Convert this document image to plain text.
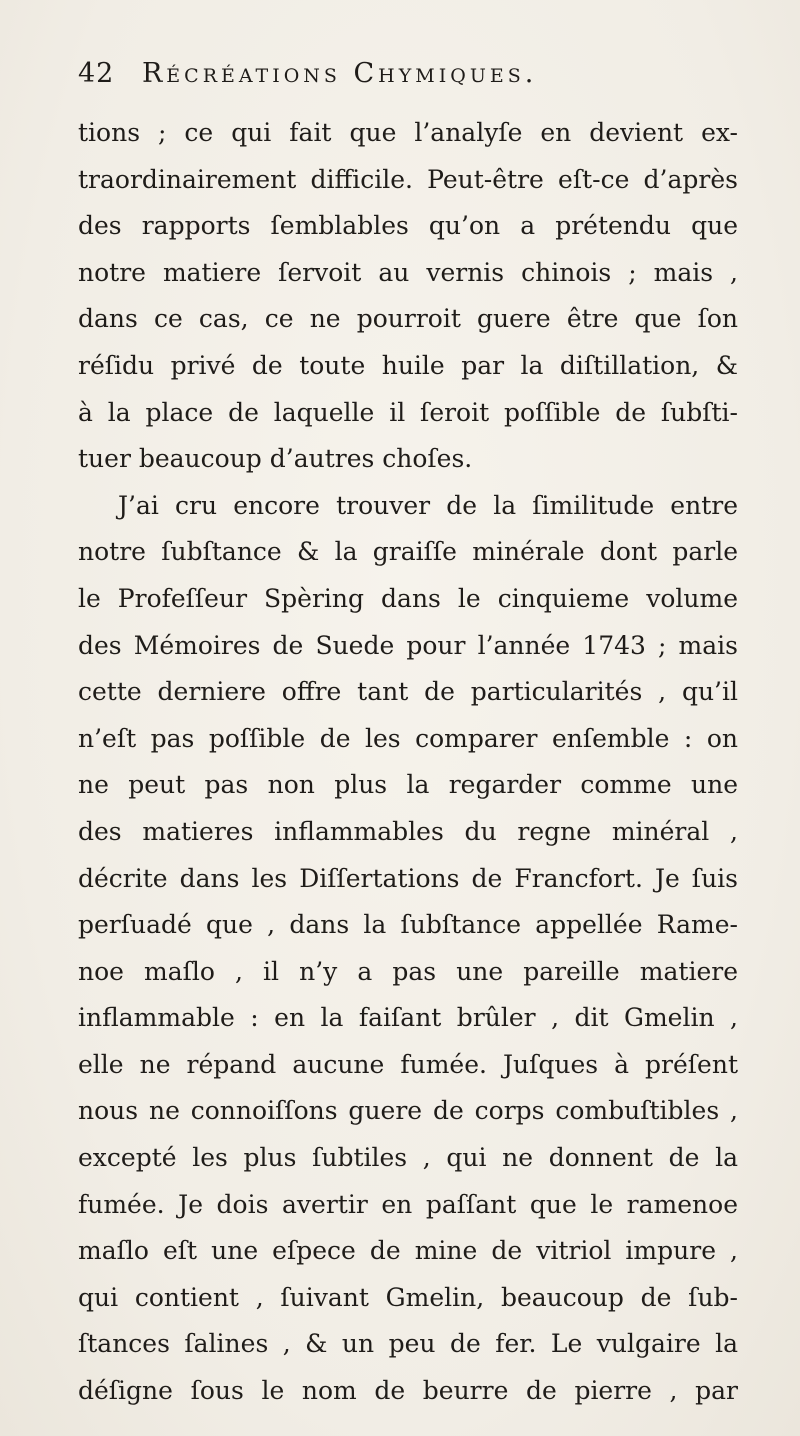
42 Récréations Chymiques.
tions ; ce qui fait que l’analyſe en devient ex-
traordinairement difficile. Peut-être eſt-ce d’après
des rapports ſemblables qu’on a prétendu que
notre matiere ſervoit au vernis chinois ; mais ,
dans ce cas, ce ne pourroit guere être que ſon
réſidu privé de toute huile par la diſtillation, &
à la place de laquelle il ſeroit poſſible de ſubſti-
tuer beaucoup d’autres choſes.
J’ai cru encore trouver de la ſimilitude entre
notre ſubſtance & la graiſſe minérale dont parle
le Profeſſeur Spèring dans le cinquieme volume
des Mémoires de Suede pour l’année 1743 ; mais
cette derniere offre tant de particularités , qu’il
n’eſt pas poſſible de les comparer enſemble : on
ne peut pas non plus la regarder comme une
des matieres inflammables du regne minéral ,
décrite dans les Diſſertations de Francfort. Je ſuis
perſuadé que , dans la ſubſtance appellée Rame-
noe maſlo , il n’y a pas une pareille matiere
inflammable : en la faiſant brûler , dit Gmelin ,
elle ne répand aucune fumée. Juſques à préſent
nous ne connoiſſons guere de corps combuſtibles ,
excepté les plus ſubtiles , qui ne donnent de la
fumée. Je dois avertir en paſſant que le ramenoe
maſlo eſt une eſpece de mine de vitriol impure ,
qui contient , ſuivant Gmelin, beaucoup de ſub-
ſtances ſalines , & un peu de fer. Le vulgaire la
déſigne ſous le nom de beurre de pierre , par
